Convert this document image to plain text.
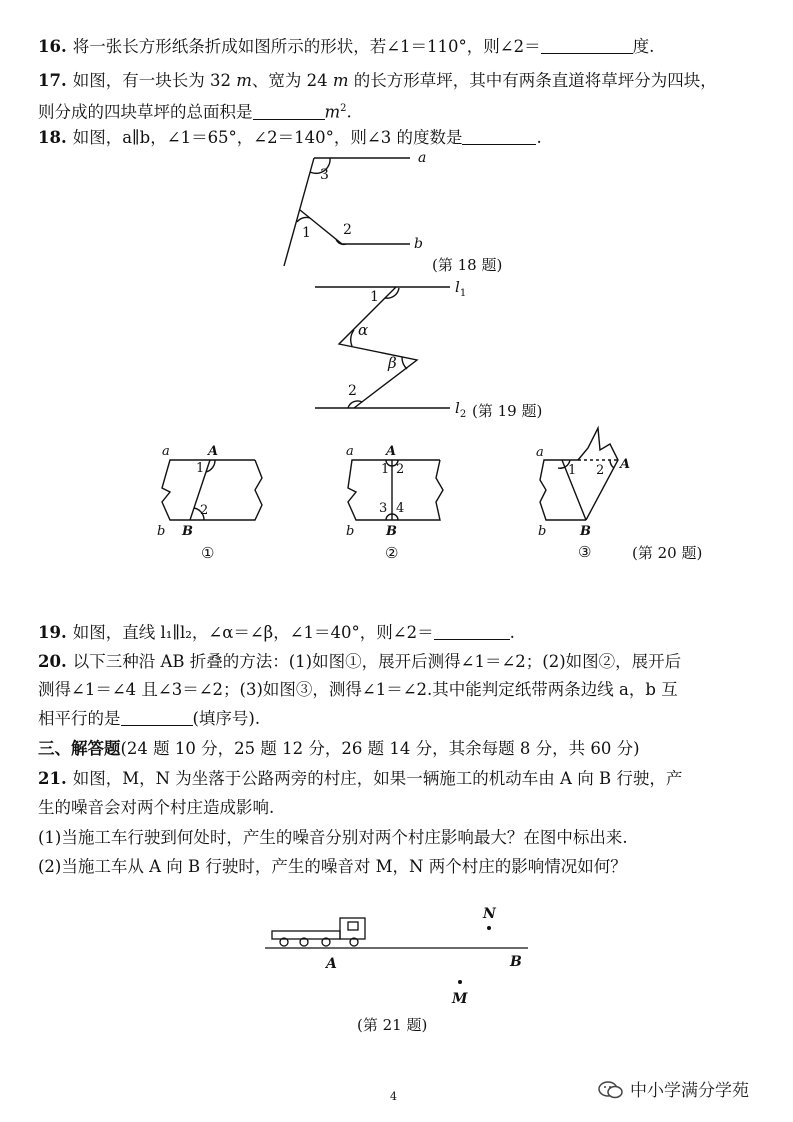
16. 将一张长方形纸条折成如图所示的形状，若∠1＝110°，则∠2＝	度.
17. 如图，有一块长为 32 m、宽为 24 m 的长方形草坪，其中有两条直道将草坪分为四块，
则分成的四块草坪的总面积是	$m^2$.
18. 如图，a∥b，∠1＝65°，∠2＝140°，则∠3 的度数是	.
a
b
3
1 2
(第 18 题)
1
α
β
2
$l_1$
$l_2$ (第 19 题)
a	A
1
2
b B
①
a A
1 2
3 4
b B
②
a
1 2 A
b	B
③	(第 20 题)
19. 如图，直线 l₁∥l₂，∠α＝∠β，∠1＝40°，则∠2＝	.
20. 以下三种沿 AB 折叠的方法：(1)如图①，展开后测得∠1＝∠2；(2)如图②，展开后
测得∠1＝∠4 且∠3＝∠2；(3)如图③，测得∠1＝∠2.其中能判定纸带两条边线 a，b 互
相平行的是	(填序号).
三、解答题(24 题 10 分，25 题 12 分，26 题 14 分，其余每题 8 分，共 60 分)
21. 如图，M，N 为坐落于公路两旁的村庄，如果一辆施工的机动车由 A 向 B 行驶，产
生的噪音会对两个村庄造成影响.
(1)当施工车行驶到何处时，产生的噪音分别对两个村庄影响最大？在图中标出来.
(2)当施工车从 A 向 B 行驶时，产生的噪音对 M，N 两个村庄的影响情况如何？
N
M
A	B
(第 21 题)
4	中小学满分学苑
